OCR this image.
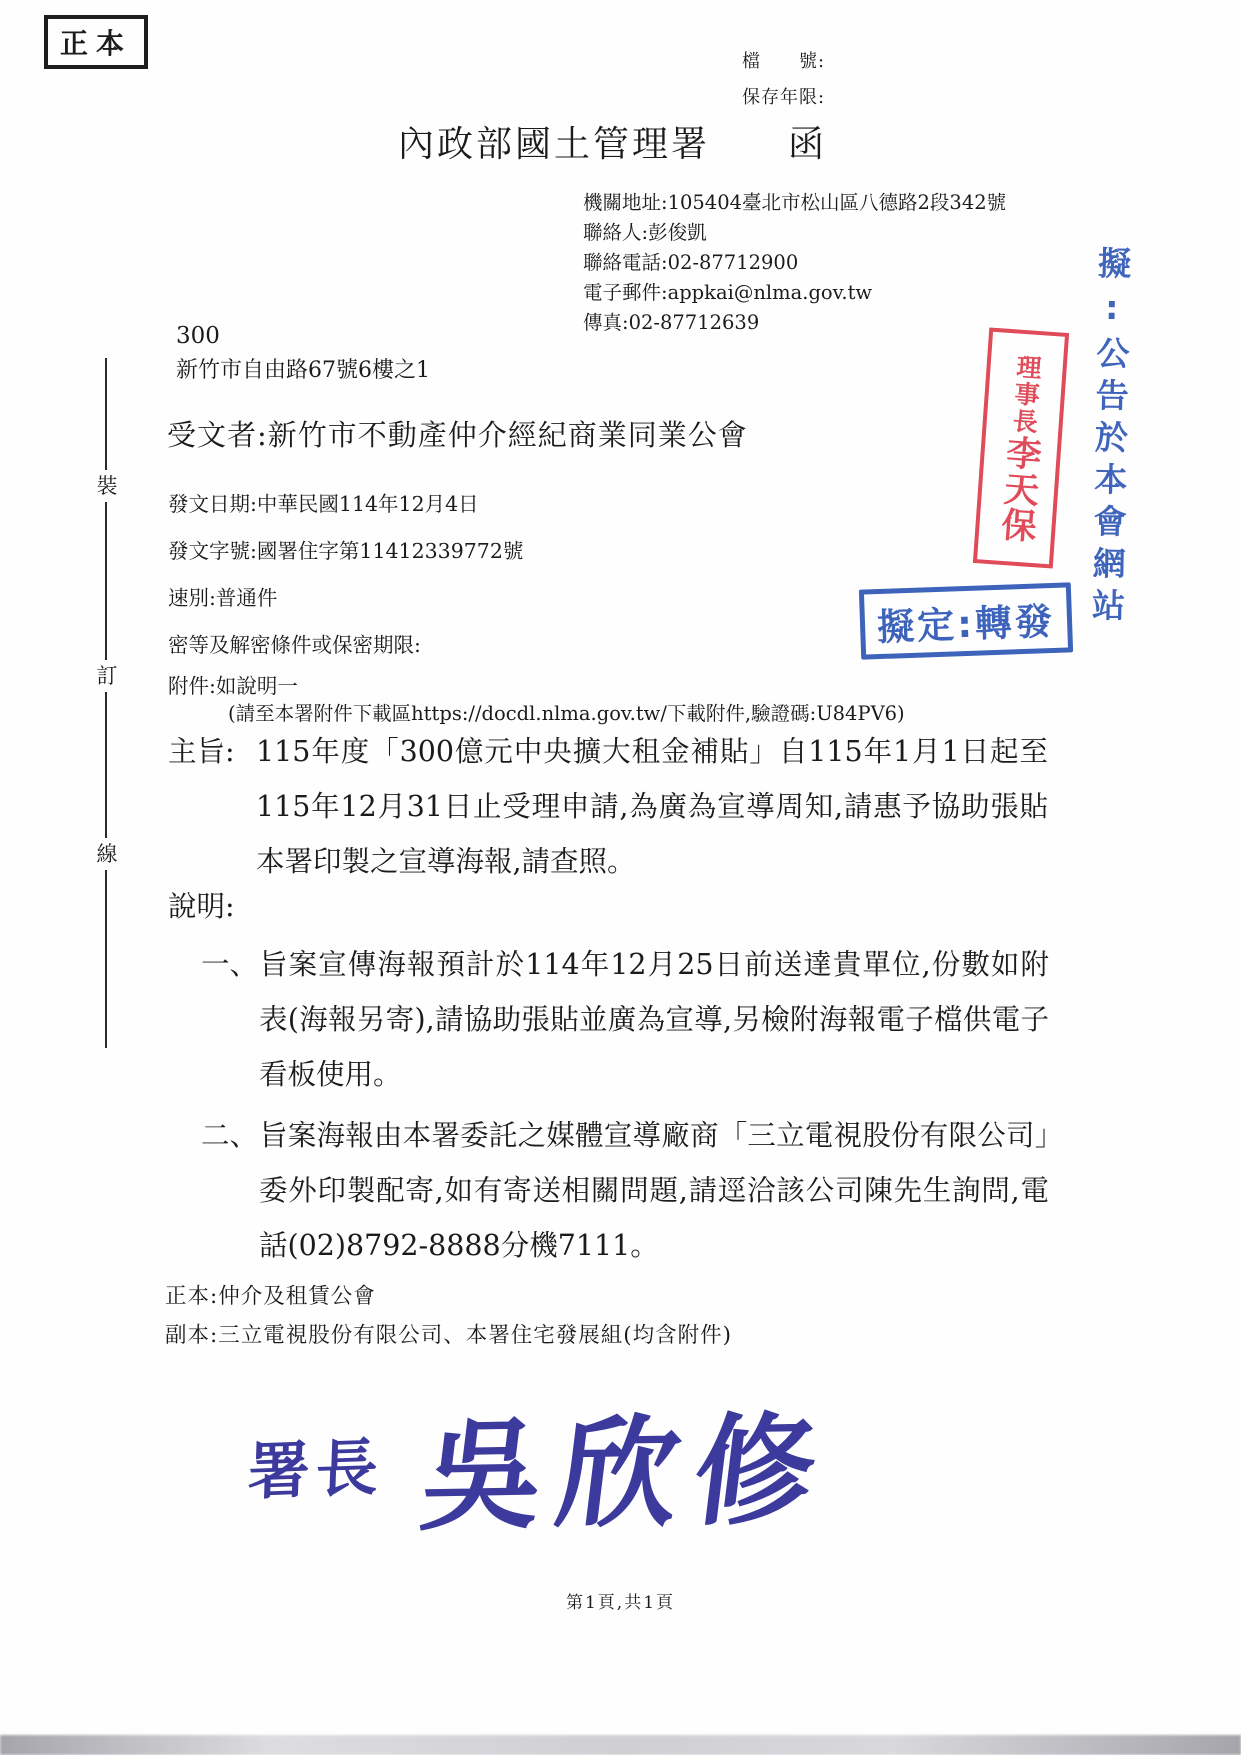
正本
檔　　號:
保存年限:
內政部國土管理署　　函
機關地址:105404臺北市松山區八德路2段342號
聯絡人:彭俊凱
聯絡電話:02-87712900
電子郵件:appkai@nlma.gov.tw
傳真:02-87712639	擬:公告於本會網站
理事長李天保
300
新竹市自由路67號6樓之1
受文者:新竹市不動產仲介經紀商業同業公會
發文日期:中華民國114年12月4日
發文字號:國署住字第11412339772號
速別:普通件
密等及解密條件或保密期限:
附件:如說明一
(請至本署附件下載區https://docdl.nlma.gov.tw/下載附件,驗證碼:U84PV6)
擬定:轉發
主旨: 115年度「300億元中央擴大租金補貼」自115年1月1日起至115年12月31日止受理申請,為廣為宣導周知,請惠予協助張貼本署印製之宣導海報,請查照。
說明:
一、 旨案宣傳海報預計於114年12月25日前送達貴單位,份數如附表(海報另寄),請協助張貼並廣為宣導,另檢附海報電子檔供電子看板使用。
二、 旨案海報由本署委託之媒體宣導廠商「三立電視股份有限公司」委外印製配寄,如有寄送相關問題,請逕洽該公司陳先生詢問,電話(02)8792-8888分機7111。
正本:仲介及租賃公會
副本:三立電視股份有限公司、本署住宅發展組(均含附件)
署長 吳欣修
第1頁,共1頁
裝
訂
線
